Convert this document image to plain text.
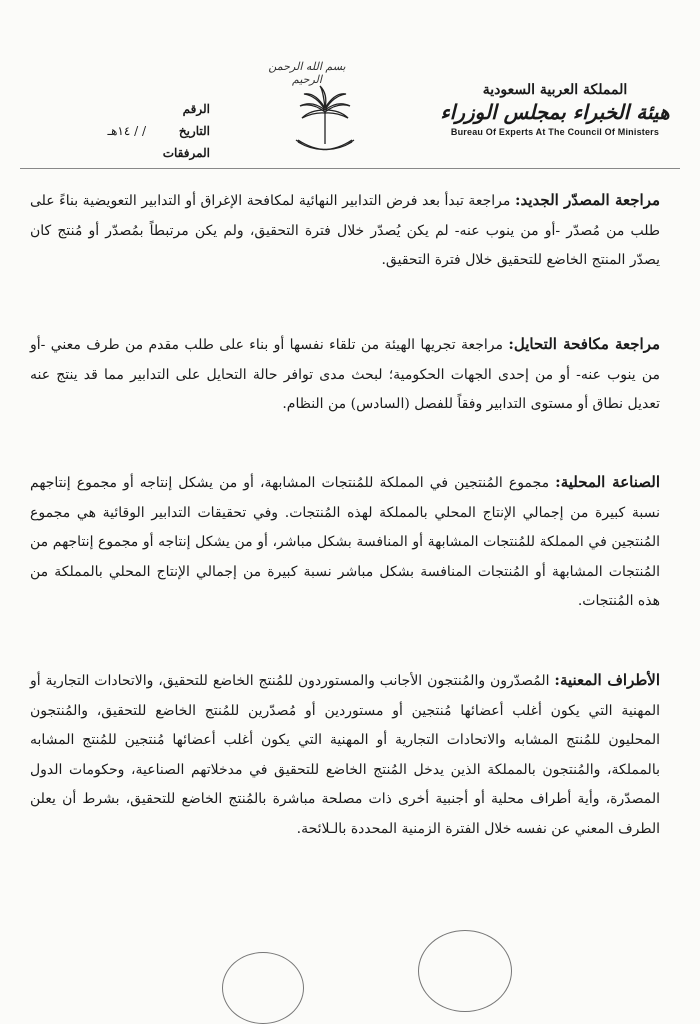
بسم الله الرحمن الرحيم
الرقم
التاريخ
/ / ١٤هـ
المرفقات
المملكة العربية السعودية
هيئة الخبراء بمجلس الوزراء
Bureau Of Experts At The Council Of Ministers
مراجعة المصدّر الجديد: مراجعة تبدأ بعد فرض التدابير النهائية لمكافحة الإغراق أو التدابير التعويضية بناءً على طلب من مُصدّر -أو من ينوب عنه- لم يكن يُصدّر خلال فترة التحقيق، ولم يكن مرتبطاً بمُصدّر أو مُنتج كان يصدّر المنتج الخاضع للتحقيق خلال فترة التحقيق.
مراجعة مكافحة التحايل: مراجعة تجريها الهيئة من تلقاء نفسها أو بناء على طلب مقدم من طرف معني -أو من ينوب عنه- أو من إحدى الجهات الحكومية؛ لبحث مدى توافر حالة التحايل على التدابير مما قد ينتج عنه تعديل نطاق أو مستوى التدابير وفقاً للفصل (السادس) من النظام.
الصناعة المحلية: مجموع المُنتجين في المملكة للمُنتجات المشابهة، أو من يشكل إنتاجه أو مجموع إنتاجهم نسبة كبيرة من إجمالي الإنتاج المحلي بالمملكة لهذه المُنتجات. وفي تحقيقات التدابير الوقائية هي مجموع المُنتجين في المملكة للمُنتجات المشابهة أو المنافسة بشكل مباشر، أو من يشكل إنتاجه أو مجموع إنتاجهم من المُنتجات المشابهة أو المُنتجات المنافسة بشكل مباشر نسبة كبيرة من إجمالي الإنتاج المحلي بالمملكة من هذه المُنتجات.
الأطراف المعنية: المُصدّرون والمُنتجون الأجانب والمستوردون للمُنتج الخاضع للتحقيق، والاتحادات التجارية أو المهنية التي يكون أغلب أعضائها مُنتجين أو مستوردين أو مُصدّرين للمُنتج الخاضع للتحقيق، والمُنتجون المحليون للمُنتج المشابه والاتحادات التجارية أو المهنية التي يكون أغلب أعضائها مُنتجين للمُنتج المشابه بالمملكة، والمُنتجون بالمملكة الذين يدخل المُنتج الخاضع للتحقيق في مدخلاتهم الصناعية، وحكومات الدول المصدّرة، وأية أطراف محلية أو أجنبية أخرى ذات مصلحة مباشرة بالمُنتج الخاضع للتحقيق، بشرط أن يعلن الطرف المعني عن نفسه خلال الفترة الزمنية المحددة بالـلائحة.
